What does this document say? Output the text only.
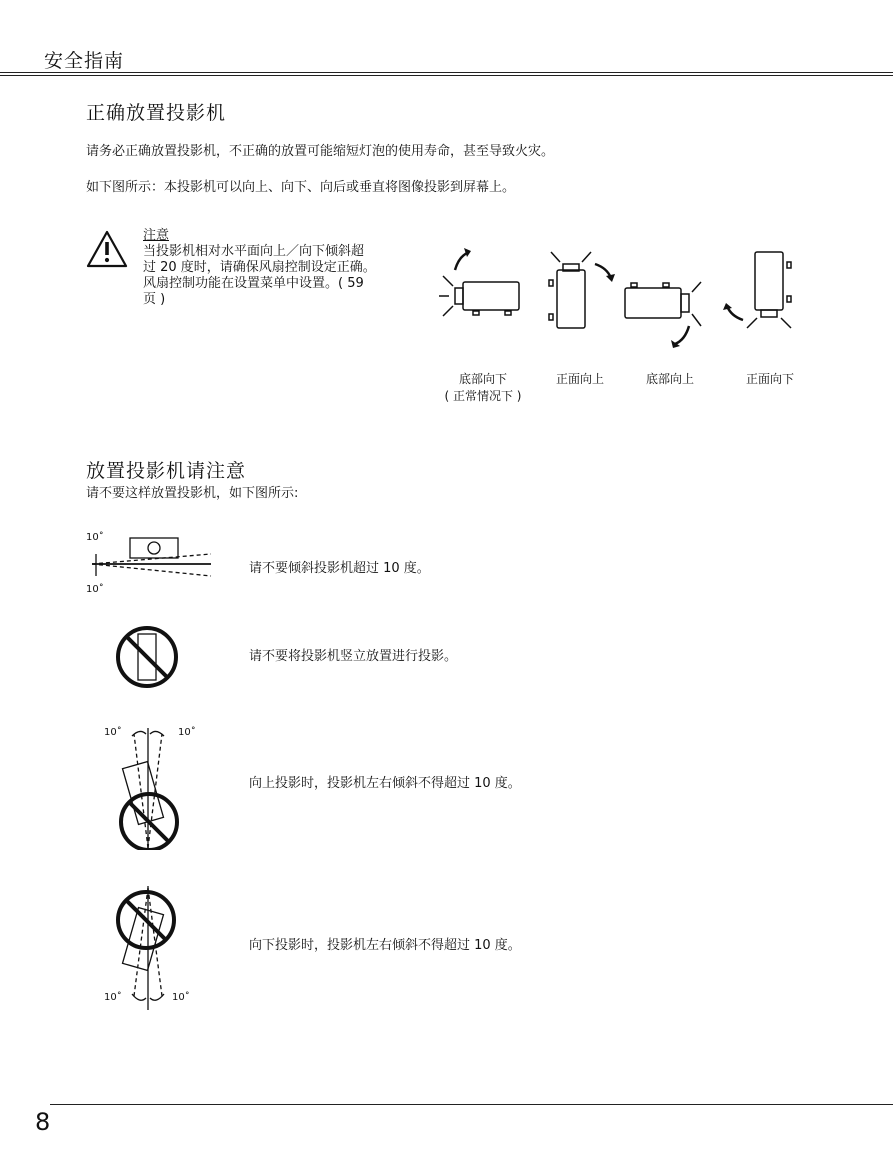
安全指南
正确放置投影机
请务必正确放置投影机，不正确的放置可能缩短灯泡的使用寿命，甚至导致火灾。
如下图所示：本投影机可以向上、向下、向后或垂直将图像投影到屏幕上。
注意
当投影机相对水平面向上／向下倾斜超
过 20 度时，请确保风扇控制设定正确。
风扇控制功能在设置菜单中设置。( 59
页 )
底部向下
( 正常情况下 )
正面向上	底部向上	正面向下
放置投影机请注意
请不要这样放置投影机，如下图所示:
10˚
10˚
请不要倾斜投影机超过 10 度。
请不要将投影机竖立放置进行投影。
10˚	10˚
向上投影时，投影机左右倾斜不得超过 10 度。
10˚	10˚
向下投影时，投影机左右倾斜不得超过 10 度。
8
